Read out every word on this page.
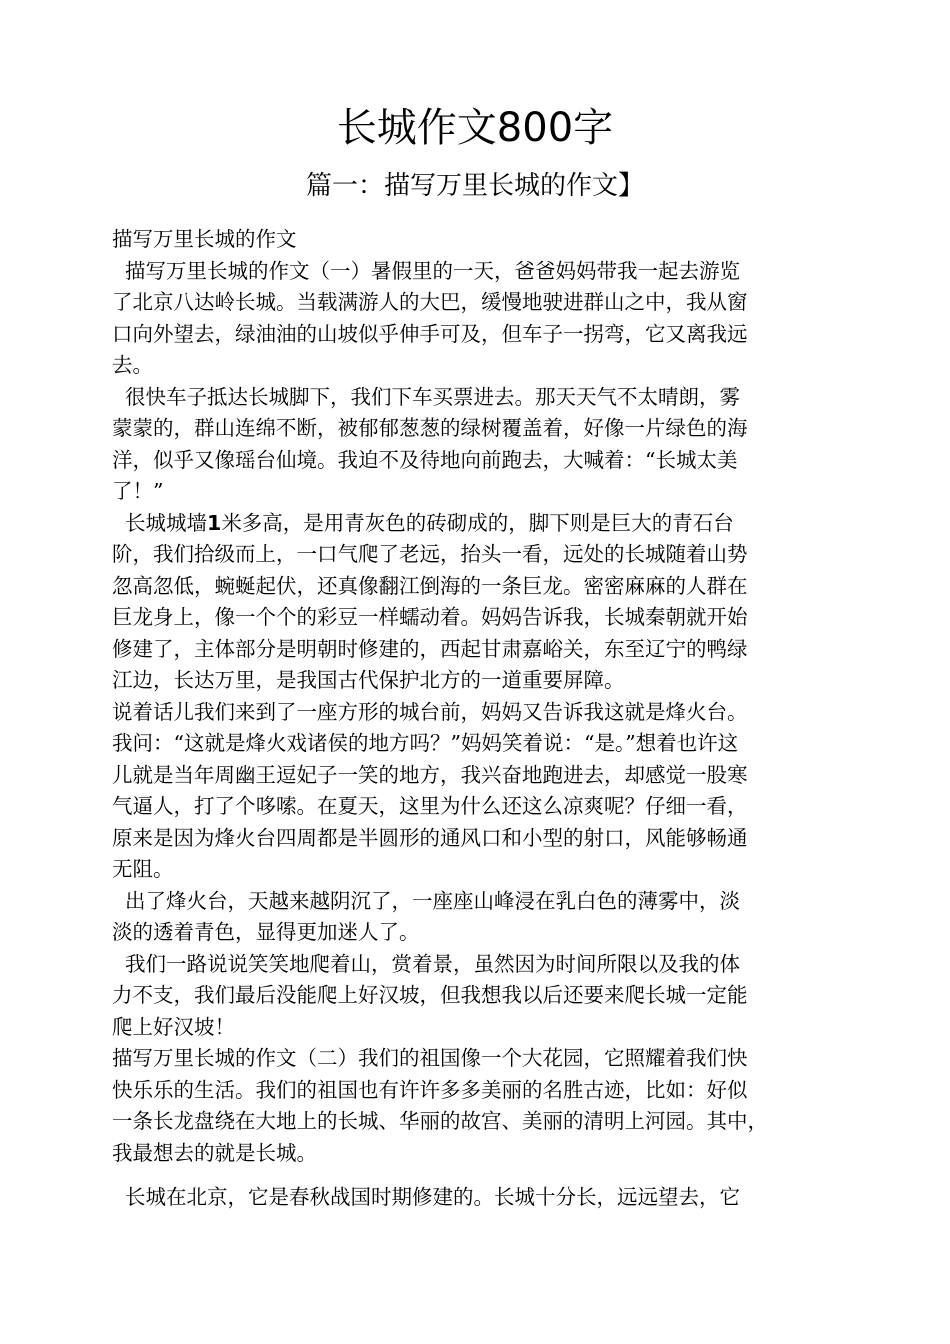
长城作文800字
篇一：描写万里长城的作文】
描写万里长城的作文
描写万里长城的作文（一）暑假里的一天，爸爸妈妈带我一起去游览
了北京八达岭长城。当载满游人的大巴，缓慢地驶进群山之中，我从窗
口向外望去，绿油油的山坡似乎伸手可及，但车子一拐弯，它又离我远
去。
很快车子抵达长城脚下，我们下车买票进去。那天天气不太晴朗，雾
蒙蒙的，群山连绵不断，被郁郁葱葱的绿树覆盖着，好像一片绿色的海
洋，似乎又像瑶台仙境。我迫不及待地向前跑去，大喊着：“长城太美
了！”
长城城墙1米多高，是用青灰色的砖砌成的，脚下则是巨大的青石台
阶，我们拾级而上，一口气爬了老远，抬头一看，远处的长城随着山势
忽高忽低，蜿蜒起伏，还真像翻江倒海的一条巨龙。密密麻麻的人群在
巨龙身上，像一个个的彩豆一样蠕动着。妈妈告诉我，长城秦朝就开始
修建了，主体部分是明朝时修建的，西起甘肃嘉峪关，东至辽宁的鸭绿
江边，长达万里，是我国古代保护北方的一道重要屏障。
说着话儿我们来到了一座方形的城台前，妈妈又告诉我这就是烽火台。
我问：“这就是烽火戏诸侯的地方吗？”妈妈笑着说：“是。”想着也许这
儿就是当年周幽王逗妃子一笑的地方，我兴奋地跑进去，却感觉一股寒
气逼人，打了个哆嗦。在夏天，这里为什么还这么凉爽呢？仔细一看，
原来是因为烽火台四周都是半圆形的通风口和小型的射口，风能够畅通
无阻。
出了烽火台，天越来越阴沉了，一座座山峰浸在乳白色的薄雾中，淡
淡的透着青色，显得更加迷人了。
我们一路说说笑笑地爬着山，赏着景，虽然因为时间所限以及我的体
力不支，我们最后没能爬上好汉坡，但我想我以后还要来爬长城一定能
爬上好汉坡！
描写万里长城的作文（二）我们的祖国像一个大花园，它照耀着我们快
快乐乐的生活。我们的祖国也有许许多多美丽的名胜古迹，比如：好似
一条长龙盘绕在大地上的长城、华丽的故宫、美丽的清明上河园。其中，
我最想去的就是长城。
长城在北京，它是春秋战国时期修建的。长城十分长，远远望去，它
